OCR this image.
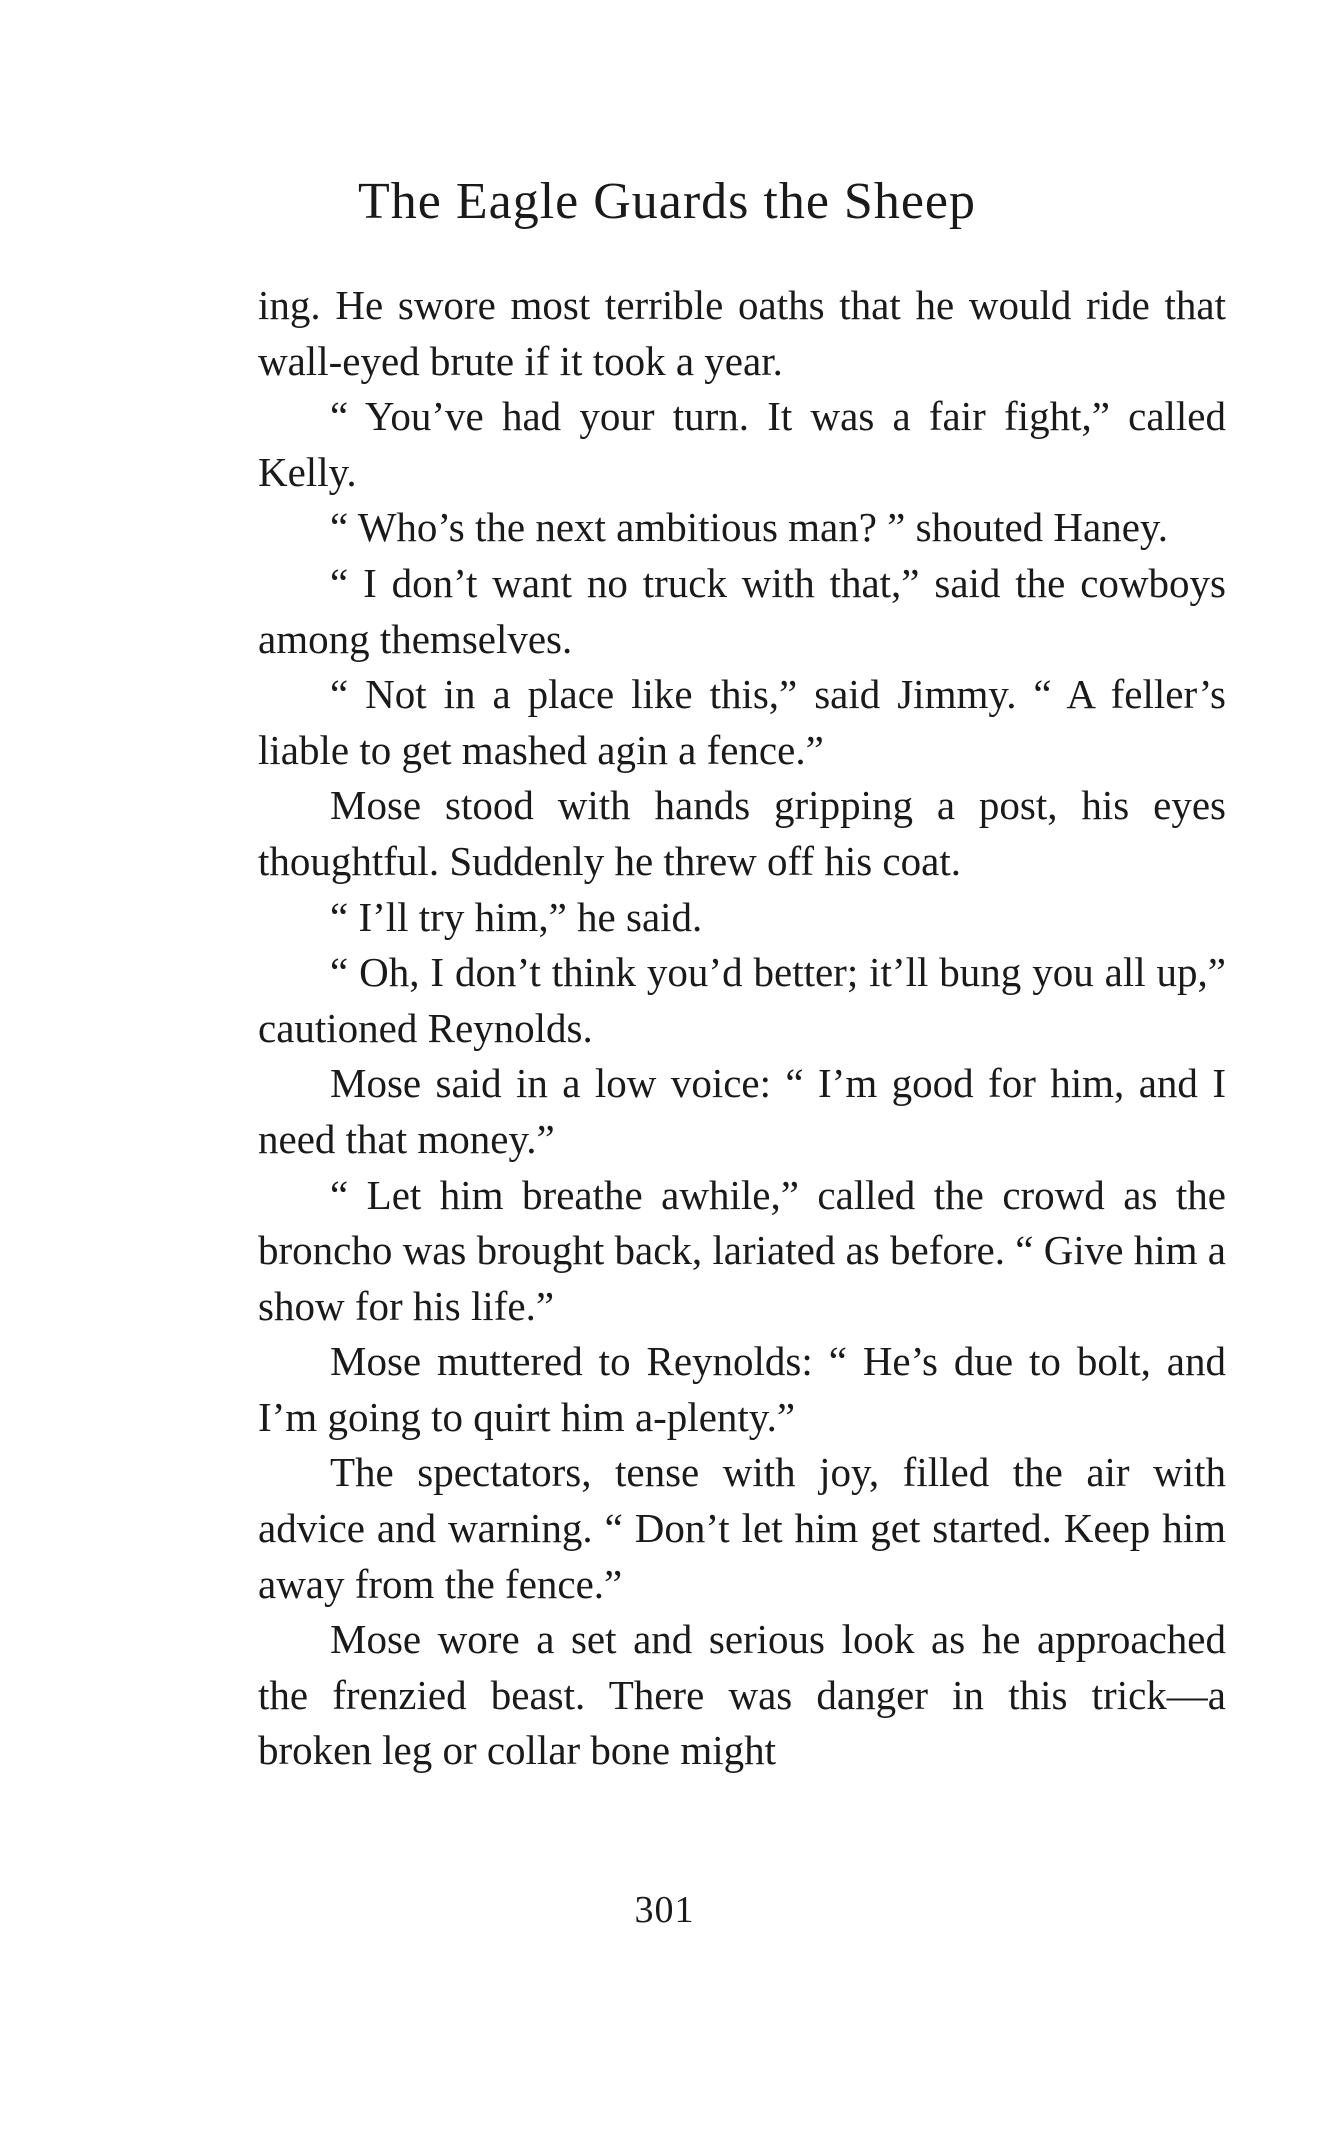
The Eagle Guards the Sheep

ing. He swore most terrible oaths that he would ride that wall-eyed brute if it took a year.

“ You’ve had your turn. It was a fair fight,” called Kelly.

“ Who’s the next ambitious man? ” shouted Haney.

“ I don’t want no truck with that,” said the cowboys among themselves.

“ Not in a place like this,” said Jimmy. “ A feller’s liable to get mashed agin a fence.”

Mose stood with hands gripping a post, his eyes thoughtful. Suddenly he threw off his coat.

“ I’ll try him,” he said.

“ Oh, I don’t think you’d better; it’ll bung you all up,” cautioned Reynolds.

Mose said in a low voice: “ I’m good for him, and I need that money.”

“ Let him breathe awhile,” called the crowd as the broncho was brought back, lariated as before. “ Give him a show for his life.”

Mose muttered to Reynolds: “ He’s due to bolt, and I’m going to quirt him a-plenty.”

The spectators, tense with joy, filled the air with advice and warning. “ Don’t let him get started. Keep him away from the fence.”

Mose wore a set and serious look as he approached the frenzied beast. There was danger in this trick—a broken leg or collar bone might

301
